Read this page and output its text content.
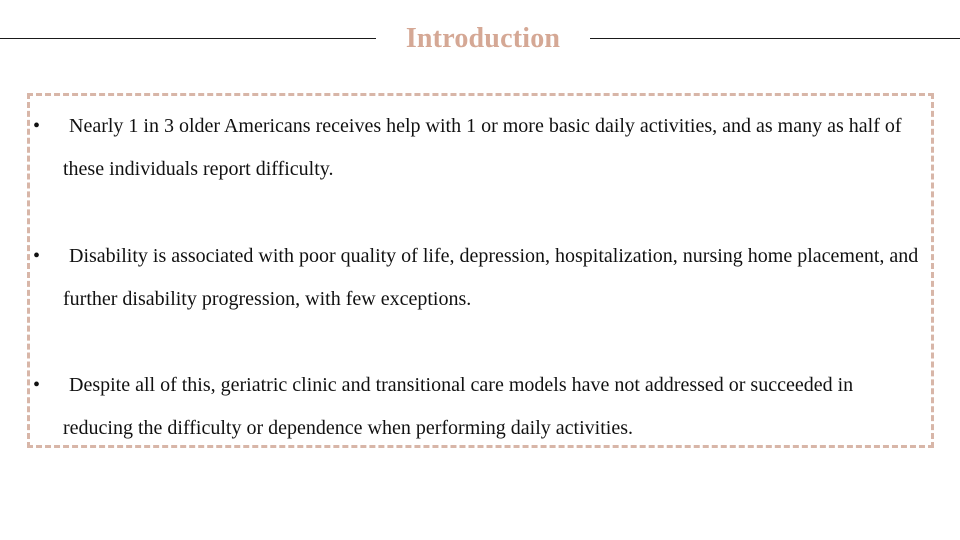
Introduction
•	Nearly 1 in 3 older Americans receives help with 1 or more basic daily activities, and as many as half of these individuals report difficulty.
•	Disability is associated with poor quality of life, depression, hospitalization, nursing home placement, and further disability progression, with few exceptions.
•	Despite all of this, geriatric clinic and transitional care models have not addressed or succeeded in reducing the difficulty or dependence when performing daily activities.
